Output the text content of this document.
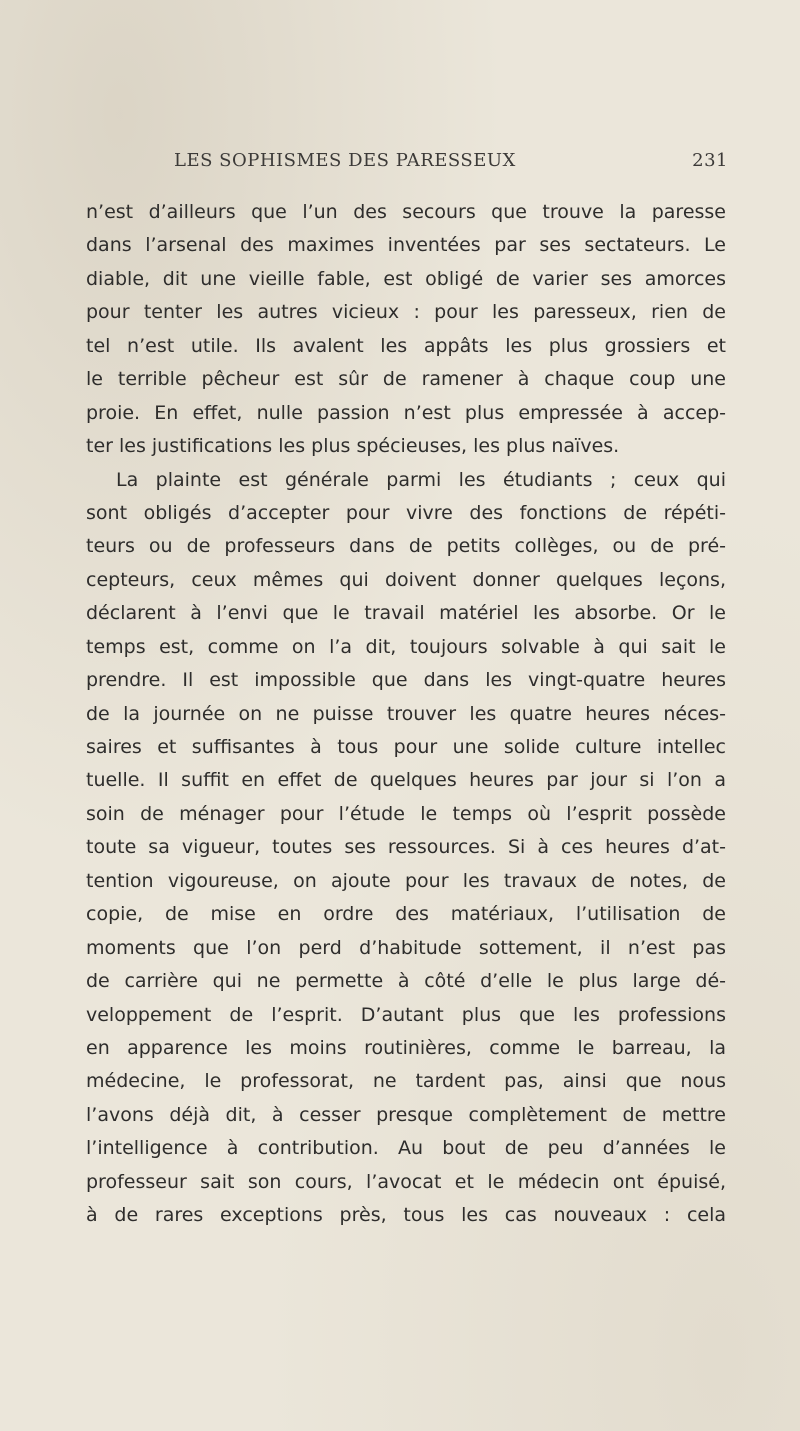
LES SOPHISMES DES PARESSEUX	231
n’est d’ailleurs que l’un des secours que trouve la paresse
dans l’arsenal des maximes inventées par ses sectateurs. Le
diable, dit une vieille fable, est obligé de varier ses amorces
pour tenter les autres vicieux : pour les paresseux, rien de
tel n’est utile. Ils avalent les appâts les plus grossiers et
le terrible pêcheur est sûr de ramener à chaque coup une
proie. En effet, nulle passion n’est plus empressée à accep-
ter les justifications les plus spécieuses, les plus naïves.
La plainte est générale parmi les étudiants ; ceux qui
sont obligés d’accepter pour vivre des fonctions de répéti-
teurs ou de professeurs dans de petits collèges, ou de pré-
cepteurs, ceux mêmes qui doivent donner quelques leçons,
déclarent à l’envi que le travail matériel les absorbe. Or le
temps est, comme on l’a dit, toujours solvable à qui sait le
prendre. Il est impossible que dans les vingt-quatre heures
de la journée on ne puisse trouver les quatre heures néces-
saires et suffisantes à tous pour une solide culture intellec
tuelle. Il suffit en effet de quelques heures par jour si l’on a
soin de ménager pour l’étude le temps où l’esprit possède
toute sa vigueur, toutes ses ressources. Si à ces heures d’at-
tention vigoureuse, on ajoute pour les travaux de notes, de
copie, de mise en ordre des matériaux, l’utilisation de
moments que l’on perd d’habitude sottement, il n’est pas
de carrière qui ne permette à côté d’elle le plus large dé-
veloppement de l’esprit. D’autant plus que les professions
en apparence les moins routinières, comme le barreau, la
médecine, le professorat, ne tardent pas, ainsi que nous
l’avons déjà dit, à cesser presque complètement de mettre
l’intelligence à contribution. Au bout de peu d’années le
professeur sait son cours, l’avocat et le médecin ont épuisé,
à de rares exceptions près, tous les cas nouveaux : cela
